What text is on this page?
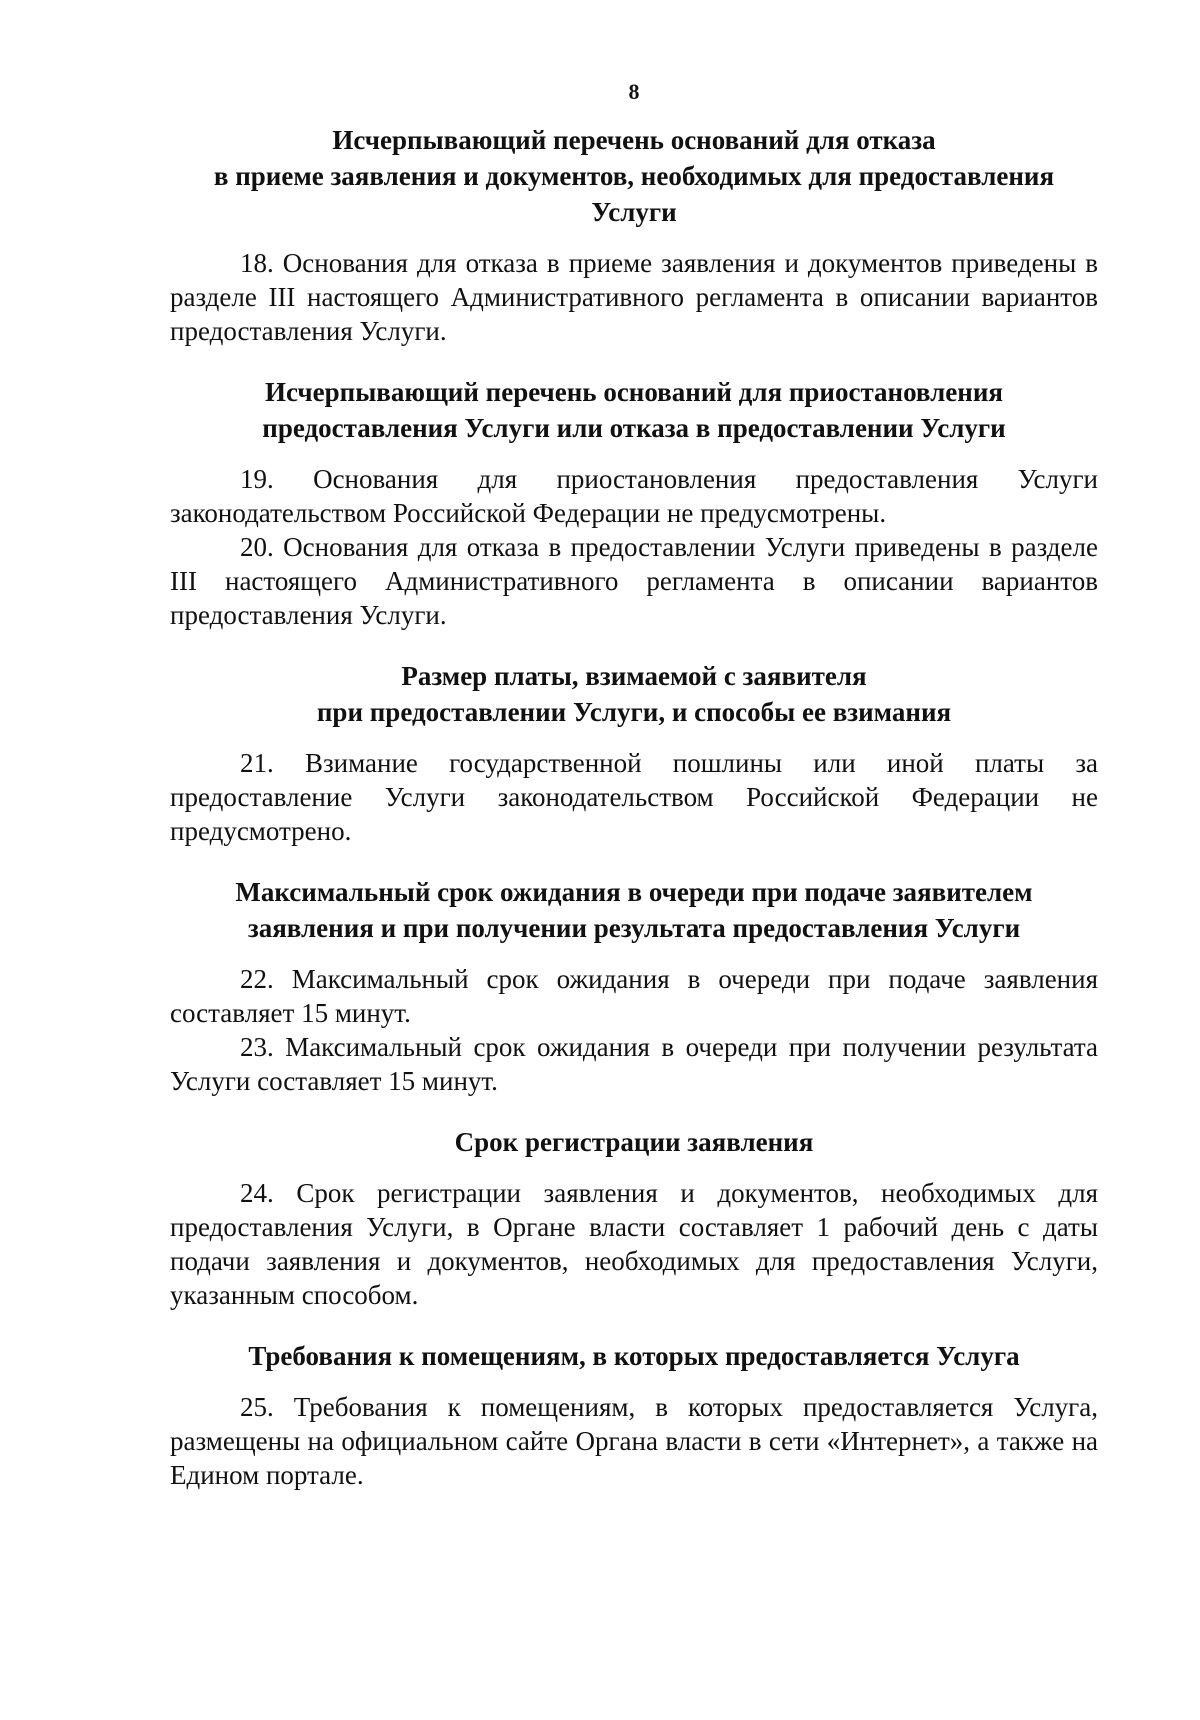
8
Исчерпывающий перечень оснований для отказа
в приеме заявления и документов, необходимых для предоставления
Услуги

18. Основания для отказа в приеме заявления и документов приведены в разделе III настоящего Административного регламента в описании вариантов предоставления Услуги.

Исчерпывающий перечень оснований для приостановления
предоставления Услуги или отказа в предоставлении Услуги

19. Основания для приостановления предоставления Услуги законодательством Российской Федерации не предусмотрены.

20. Основания для отказа в предоставлении Услуги приведены в разделе III настоящего Административного регламента в описании вариантов предоставления Услуги.

Размер платы, взимаемой с заявителя
при предоставлении Услуги, и способы ее взимания

21. Взимание государственной пошлины или иной платы за предоставление Услуги законодательством Российской Федерации не предусмотрено.

Максимальный срок ожидания в очереди при подаче заявителем
заявления и при получении результата предоставления Услуги

22. Максимальный срок ожидания в очереди при подаче заявления составляет 15 минут.

23. Максимальный срок ожидания в очереди при получении результата Услуги составляет 15 минут.

Срок регистрации заявления

24. Срок регистрации заявления и документов, необходимых для предоставления Услуги, в Органе власти составляет 1 рабочий день с даты подачи заявления и документов, необходимых для предоставления Услуги, указанным способом.

Требования к помещениям, в которых предоставляется Услуга

25. Требования к помещениям, в которых предоставляется Услуга, размещены на официальном сайте Органа власти в сети «Интернет», а также на Едином портале.
